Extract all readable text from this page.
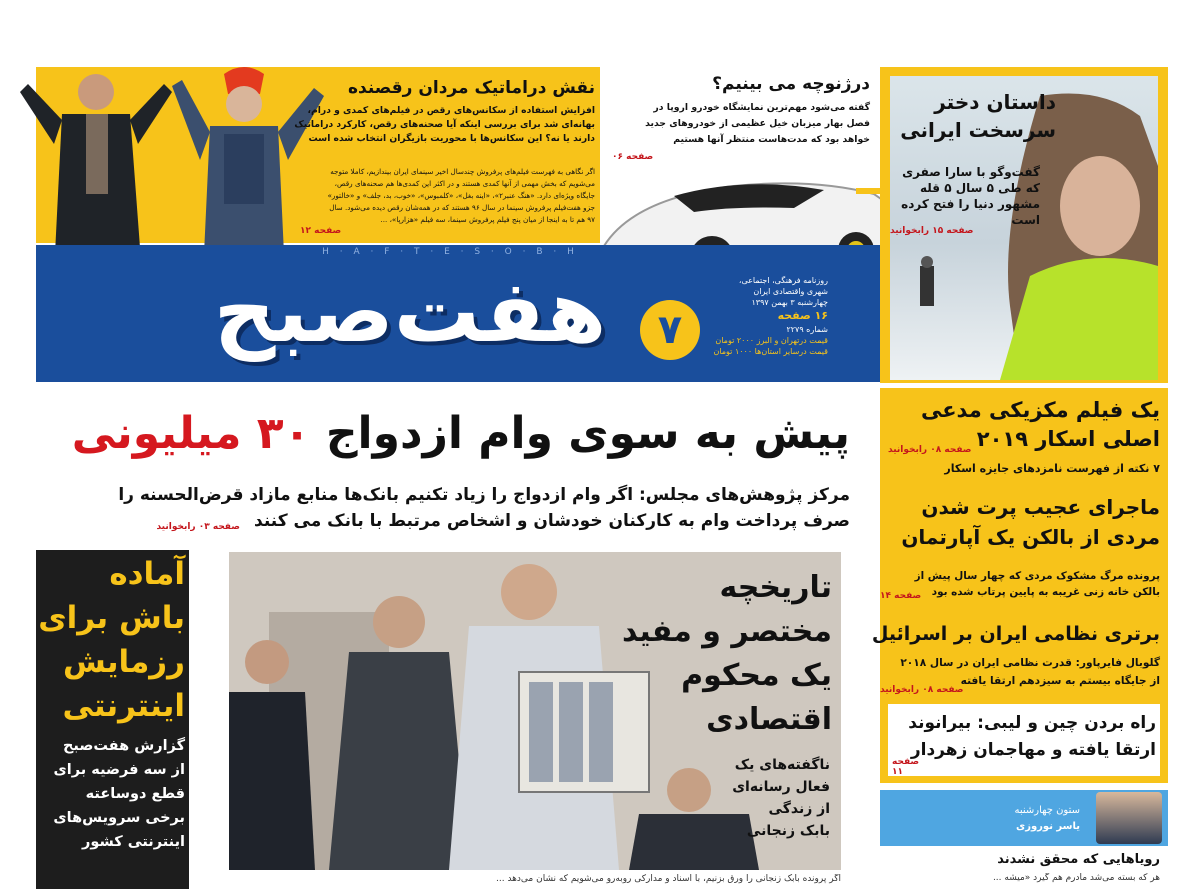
نقش دراماتیک مردان رقصنده
افزایش استفاده از سکانس‌های رقص در فیلم‌های کمدی و درام،
بهانه‌ای شد برای بررسی اینکه آیا صحنه‌های رقص، کارکرد دراماتیک
دارند یا نه؟ این سکانس‌ها با محوریت بازیگران انتخاب شده است
اگر نگاهی به فهرست فیلم‌های پرفروش چندسال اخیر سینمای ایران بیندازیم، کاملا متوجه
می‌شویم که بخش مهمی از آنها کمدی هستند و در اکثر این کمدی‌ها هم صحنه‌های رقص،
جایگاه ویژه‌ای دارد. «هنگ عنبر۲»، «اینه بغل»، «کلمبوس»، «خوب، بد، جلف» و «خالتور»
جزو هفت‌فیلم پرفروش سینما در سال ۹۶ هستند که در همه‌شان رقص دیده می‌شود. سال
۹۷ هم تا به اینجا از میان پنج فیلم پرفروش سینما، سه فیلم «هزارپا»، ...
صفحه ۱۲
درژنوچه می بینیم؟
گفته می‌شود مهم‌ترین نمایشگاه خودرو اروپا در
فصل بهار میزبان خیل عظیمی از خودروهای جدید
خواهد بود که مدت‌هاست منتظر آنها هستیم
صفحه ۰۶
H · A · F · T · E · S · O · B · H
هفت‌صبح	۷
روزنامه فرهنگی، اجتماعی،
شهری واقتصادی ایران
چهارشنبه ۳ بهمن ۱۳۹۷
۱۶ صفحه
شماره ۲۲۷۹
قیمت درتهران و البرز ۲۰۰۰ تومان
قیمت درسایر استان‌ها ۱۰۰۰ تومان
داستان دختر
سرسخت ایرانی
گفت‌وگو با سارا صفری
که طی ۵ سال ۵ قله
مشهور دنیا را فتح کرده
است
صفحه ۱۵ رابخوانید
پیش به سوی وام ازدواج ۳۰ میلیونی
مرکز پژوهش‌های مجلس: اگر وام ازدواج را زیاد تکنیم بانک‌ها منابع مازاد قرض‌الحسنه را
صرف پرداخت وام به کارکنان خودشان و اشخاص مرتبط با بانک می کنند
صفحه ۰۳ رابخوانید
یک فیلم مکزیکی مدعی
اصلی اسکار ۲۰۱۹
صفحه ۰۸ رابخوانید
۷ نکته از فهرست نامزدهای جایزه اسکار
ماجرای عجیب پرت شدن
مردی از بالکن یک آپارتمان
پرونده مرگ مشکوک مردی که چهار سال پیش از
بالکن خانه زنی غریبه به پایین پرتاب شده بود
صفحه ۱۴
برتری نظامی ایران بر اسرائیل
گلوبال فایرپاور: قدرت نظامی ایران در سال ۲۰۱۸
از جایگاه بیستم به سیزدهم ارتقا یافته
صفحه ۰۸ رابخوانید
راه بردن چین و لیبی: بیرانوند
ارتقا یافته و مهاجمان زهردار
صفحه ۱۱
ستون چهارشنبه
یاسر نوروزی
رویاهایی که محقق نشدند
هر که بسته می‌شد مادرم هم گیرد «میشه ...
تاریخچه
مختصر و مفید
یک محکوم
اقتصادی
ناگفته‌های یک
فعال رسانه‌ای
از زندگی
بابک زنجانی
آماده
باش برای
رزمایش
اینترنتی
گزارش هفت‌صبح
از سه فرضیه برای
قطع دوساعته
برخی سرویس‌های
اینترنتی کشور
اگر پرونده بابک زنجانی را ورق بزنیم، با اسناد و مدارکی روبه‌رو می‌شویم که نشان می‌دهد ...
